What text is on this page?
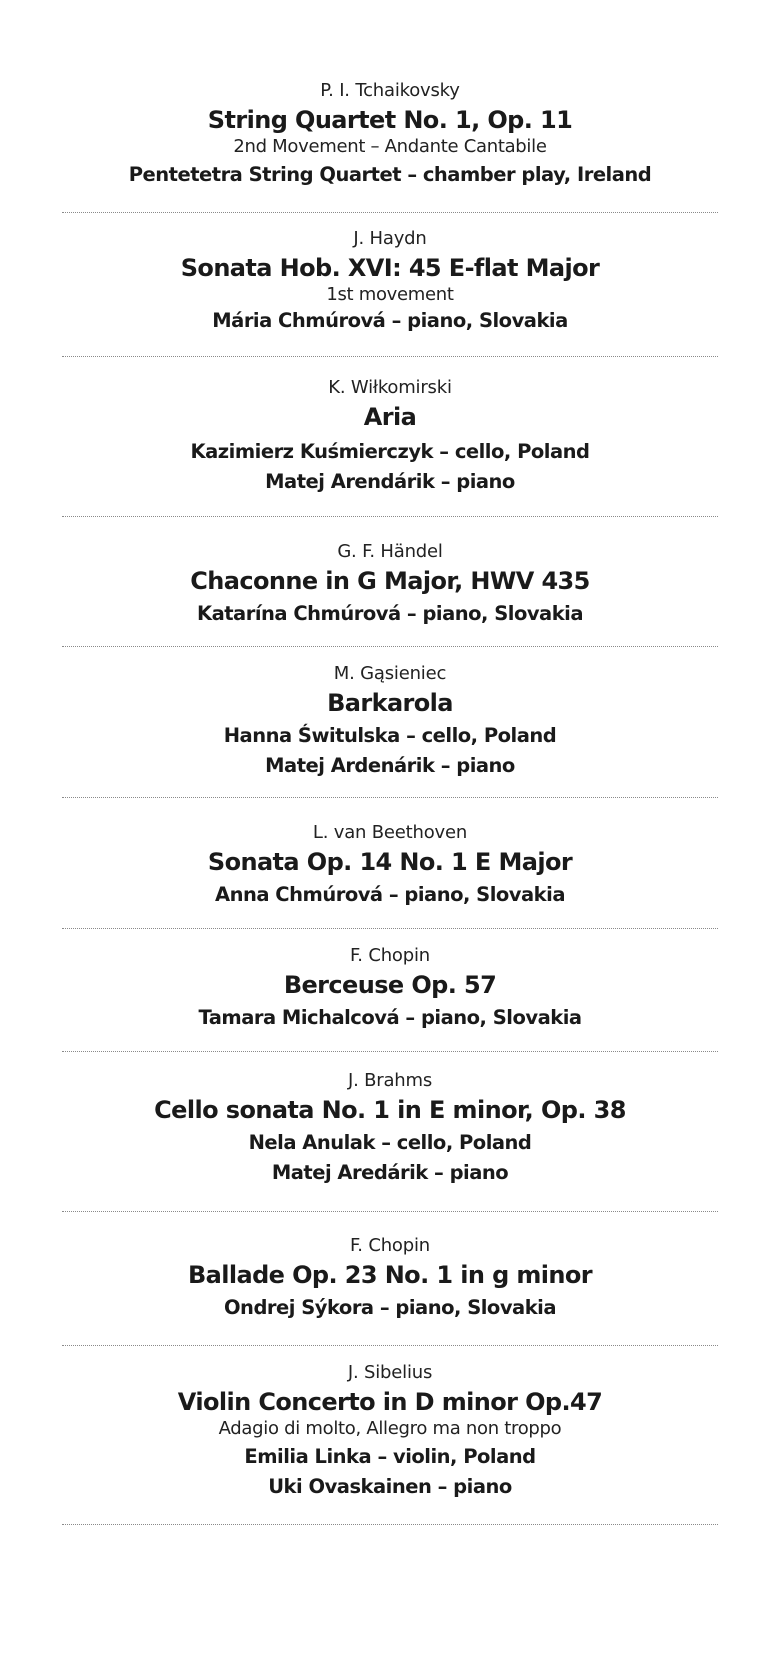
P. I. Tchaikovsky
String Quartet No. 1, Op. 11
2nd Movement – Andante Cantabile
Pentetetra String Quartet – chamber play, Ireland
J. Haydn
Sonata Hob. XVI: 45 E-flat Major
1st movement
Mária Chmúrová – piano, Slovakia
K. Wiłkomirski
Aria
Kazimierz Kuśmierczyk – cello, Poland
Matej Arendárik – piano
G. F. Händel
Chaconne in G Major, HWV 435
Katarína Chmúrová – piano, Slovakia
M. Gąsieniec
Barkarola
Hanna Świtulska – cello, Poland
Matej Ardenárik – piano
L. van Beethoven
Sonata Op. 14 No. 1 E Major
Anna Chmúrová – piano, Slovakia
F. Chopin
Berceuse Op. 57
Tamara Michalcová – piano, Slovakia
J. Brahms
Cello sonata No. 1 in E minor, Op. 38
Nela Anulak – cello, Poland
Matej Aredárik – piano
F. Chopin
Ballade Op. 23 No. 1 in g minor
Ondrej Sýkora – piano, Slovakia
J. Sibelius
Violin Concerto in D minor Op.47
Adagio di molto, Allegro ma non troppo
Emilia Linka – violin, Poland
Uki Ovaskainen – piano
